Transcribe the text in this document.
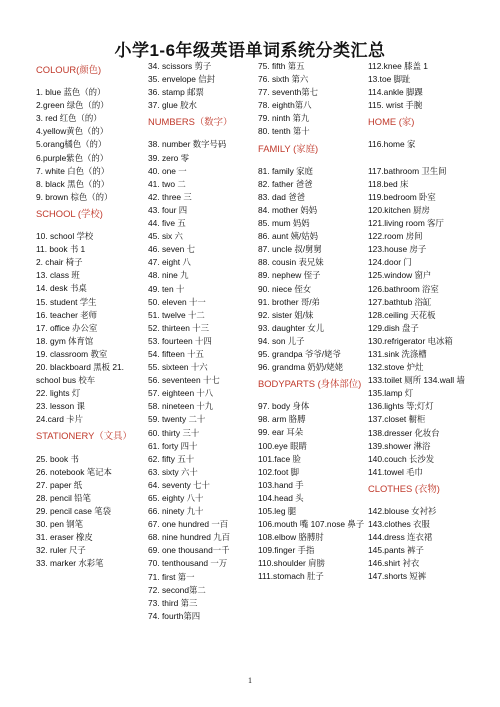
小学1-6年级英语单词系统分类汇总
COLOUR(颜色)
1. blue 蓝色（的）
2.green 绿色（的）
3. red 红色（的）
4.yellow黄色（的）
5.orang橘色（的）
6.purple紫色（的）
7. white 白色（的）
8. black 黑色（的）
9. brown 棕色（的）
SCHOOL (学校)
10. school 学校
11. book 书 1
2. chair 椅子
13. class 班
14. desk 书桌
15. student 学生
16. teacher 老师
17. office 办公室
18. gym 体育馆
19. classroom 教室
20. blackboard 黑板 21. school bus 校车
22. lights 灯
23. lesson 课
24.card 卡片
STATIONERY（文具）
25. book 书
26. notebook 笔记本
27. paper 纸
28. pencil 铅笔
29. pencil case 笔袋
30. pen 钢笔
31. eraser 橡皮
32. ruler 尺子
33. marker 水彩笔
34. scissors 剪子
35. envelope 信封
36. stamp 邮票
37. glue 胶水
NUMBERS（数字）
38. number 数字号码
39. zero 零
40. one 一
41. two 二
42. three 三
43. four 四
44. five 五
45. six 六
46. seven 七
47. eight 八
48. nine 九
49. ten 十
50. eleven 十一
51. twelve 十二
52. thirteen 十三
53. fourteen 十四
54. fifteen 十五
55. sixteen 十六
56. seventeen 十七
57. eighteen 十八
58. nineteen 十九
59. twenty 二十
60. thirty 三十
61. forty 四十
62. fifty 五十
63. sixty 六十
64. seventy 七十
65. eighty 八十
66. ninety 九十
67. one hundred 一百
68. nine hundred 九百
69. one thousand一千
70. tenthousand 一万
71. first 第一
72. second第二
73. third 第三
74. fourth第四
75. fifth 第五
76. sixth 第六
77. seventh第七
78. eighth第八
79. ninth 第九
80. tenth 第十
FAMILY (家庭)
81. family 家庭
82. father 爸爸
83. dad 爸爸
84. mother 妈妈
85. mum 妈妈
86. aunt 姨/姑妈
87. uncle 叔/舅舅
88. cousin 表兄妹
89. nephew 侄子
90. niece 侄女
91. brother 哥/弟
92. sister 姐/妹
93. daughter 女儿
94. son 儿子
95. grandpa 爷爷/姥爷
96. grandma 奶奶/姥姥
BODYPARTS (身体部位)
97. body 身体
98. arm 胳膊
99. ear 耳朵
100.eye 眼睛
101.face 脸
102.foot 脚
103.hand 手
104.head 头
105.leg 腿
106.mouth 嘴 107.nose 鼻子 108.elbow 胳膊肘
109.finger 手指
110.shoulder 肩膀
111.stomach 肚子
112.knee 膝盖 1
13.toe 脚趾
114.ankle 脚踝
115. wrist 手腕
HOME (家)
116.home 家
117.bathroom 卫生间
118.bed 床
119.bedroom 卧室
120.kitchen 厨房
121.living room 客厅
122.room 房间
123.house 房子
124.door 门
125.window 窗户
126.bathroom 浴室
127.bathtub 浴缸
128.ceiling 天花板
129.dish 盘子
130.refrigerator 电冰箱
131.sink 洗涤槽
132.stove 炉灶
133.toilet 厕所 134.wall 墙
135.lamp 灯
136.lights 等;灯灯
137.closet 橱柜
138.dresser 化妆台
139.shower 淋浴
140.couch 长沙发
141.towel 毛巾
CLOTHES (衣物)
142.blouse 女衬衫
143.clothes 衣服
144.dress 连衣裙
145.pants 裤子
146.shirt 衬衣
147.shorts 短裤
1
